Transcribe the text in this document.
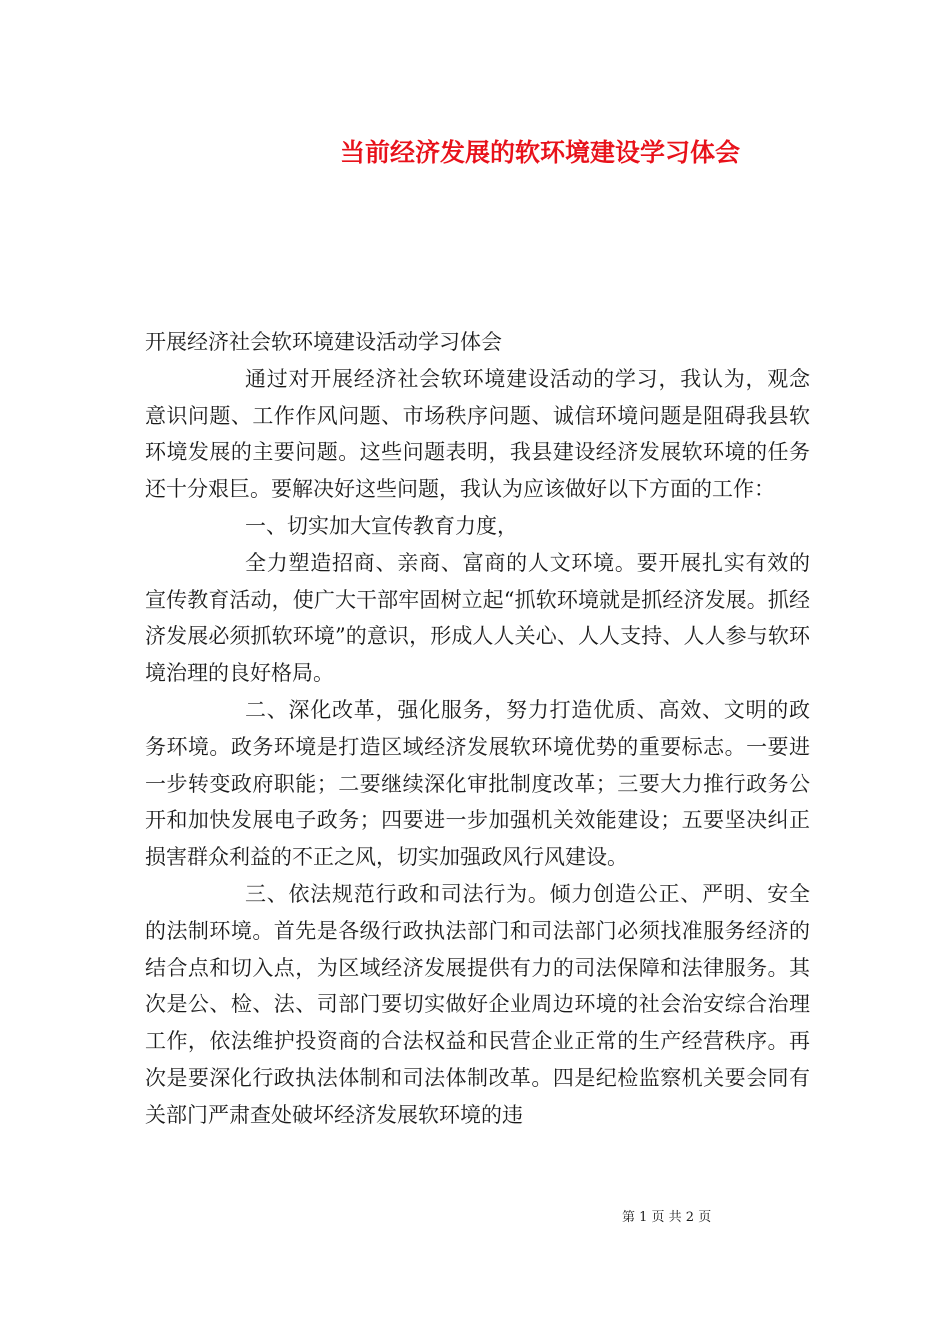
当前经济发展的软环境建设学习体会

开展经济社会软环境建设活动学习体会

通过对开展经济社会软环境建设活动的学习，我认为，观念意识问题、工作作风问题、市场秩序问题、诚信环境问题是阻碍我县软环境发展的主要问题。这些问题表明，我县建设经济发展软环境的任务还十分艰巨。要解决好这些问题，我认为应该做好以下方面的工作：

一、切实加大宣传教育力度，

全力塑造招商、亲商、富商的人文环境。要开展扎实有效的宣传教育活动，使广大干部牢固树立起“抓软环境就是抓经济发展。抓经济发展必须抓软环境”的意识，形成人人关心、人人支持、人人参与软环境治理的良好格局。

二、深化改革，强化服务，努力打造优质、高效、文明的政务环境。政务环境是打造区域经济发展软环境优势的重要标志。一要进一步转变政府职能；二要继续深化审批制度改革；三要大力推行政务公开和加快发展电子政务；四要进一步加强机关效能建设；五要坚决纠正损害群众利益的不正之风，切实加强政风行风建设。

三、依法规范行政和司法行为。倾力创造公正、严明、安全的法制环境。首先是各级行政执法部门和司法部门必须找准服务经济的结合点和切入点，为区域经济发展提供有力的司法保障和法律服务。其次是公、检、法、司部门要切实做好企业周边环境的社会治安综合治理工作，依法维护投资商的合法权益和民营企业正常的生产经营秩序。再次是要深化行政执法体制和司法体制改革。四是纪检监察机关要会同有关部门严肃查处破坏经济发展软环境的违

第 1 页 共 2 页
